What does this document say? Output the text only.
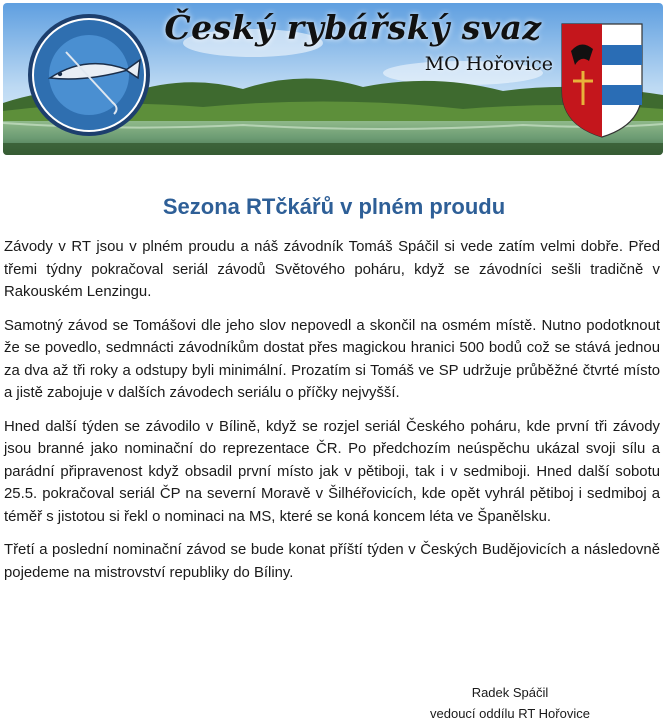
Český rybářský svaz
MO Hořovice
Sezona RTčkářů v plném proudu

Závody v RT jsou v plném proudu a náš závodník Tomáš Spáčil si vede zatím velmi dobře. Před třemi týdny pokračoval seriál závodů Světového poháru, když se závodníci sešli tradičně v Rakouském Lenzingu.

Samotný závod se Tomášovi dle jeho slov nepovedl a skončil na osmém místě. Nutno podotknout že se povedlo, sedmnácti závodníkům dostat přes magickou hranici 500 bodů což se stává jednou za dva až tři roky a odstupy byli minimální. Prozatím si Tomáš ve SP udržuje průběžné čtvrté místo a jistě zabojuje v dalších závodech seriálu o příčky nejvyšší.

Hned další týden se závodilo v Bílině, když se rozjel seriál Českého poháru, kde první tři závody jsou branné jako nominační do reprezentace ČR. Po předchozím neúspěchu ukázal svoji sílu a parádní připravenost když obsadil první místo jak v pětiboji, tak i v sedmiboji. Hned další sobotu 25.5. pokračoval seriál ČP na severní Moravě v Šilhéřovicích, kde opět vyhrál pětiboj i sedmiboj a téměř s jistotou si řekl o nominaci na MS, které se koná koncem léta ve Španělsku.

Třetí a poslední nominační závod se bude konat příští týden v Českých Budějovicích a následovně pojedeme na mistrovství republiky do Bíliny.

Radek Spáčil
vedoucí oddílu RT Hořovice
